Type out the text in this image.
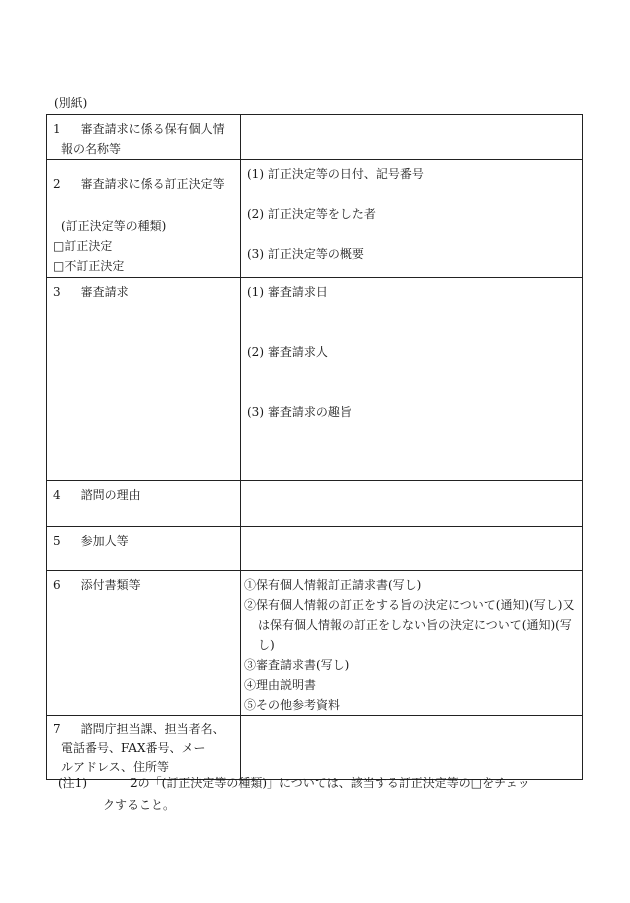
(別紙)
1 審査請求に係る保有個人情
報の名称等	

2 審査請求に係る訂正決定等
(訂正決定等の種類)
□訂正決定
□不訂正決定	(1) 訂正決定等の日付、記号番号
(2) 訂正決定等をした者
(3) 訂正決定等の概要

3 審査請求	(1) 審査請求日
(2) 審査請求人
(3) 審査請求の趣旨

4 諮問の理由	

5 参加人等	

6 添付書類等	①保有個人情報訂正請求書(写し)
②保有個人情報の訂正をする旨の決定について(通知)(写し)又は保有個人情報の訂正をしない旨の決定について(通知)(写し)
③審査請求書(写し)
④理由説明書
⑤その他参考資料

7 諮問庁担当課、担当者名、
電話番号、FAX番号、メー
ルアドレス、住所等	

(注1)	2の「(訂正決定等の種類)」については、該当する訂正決定等の□をチェッ
クすること。
